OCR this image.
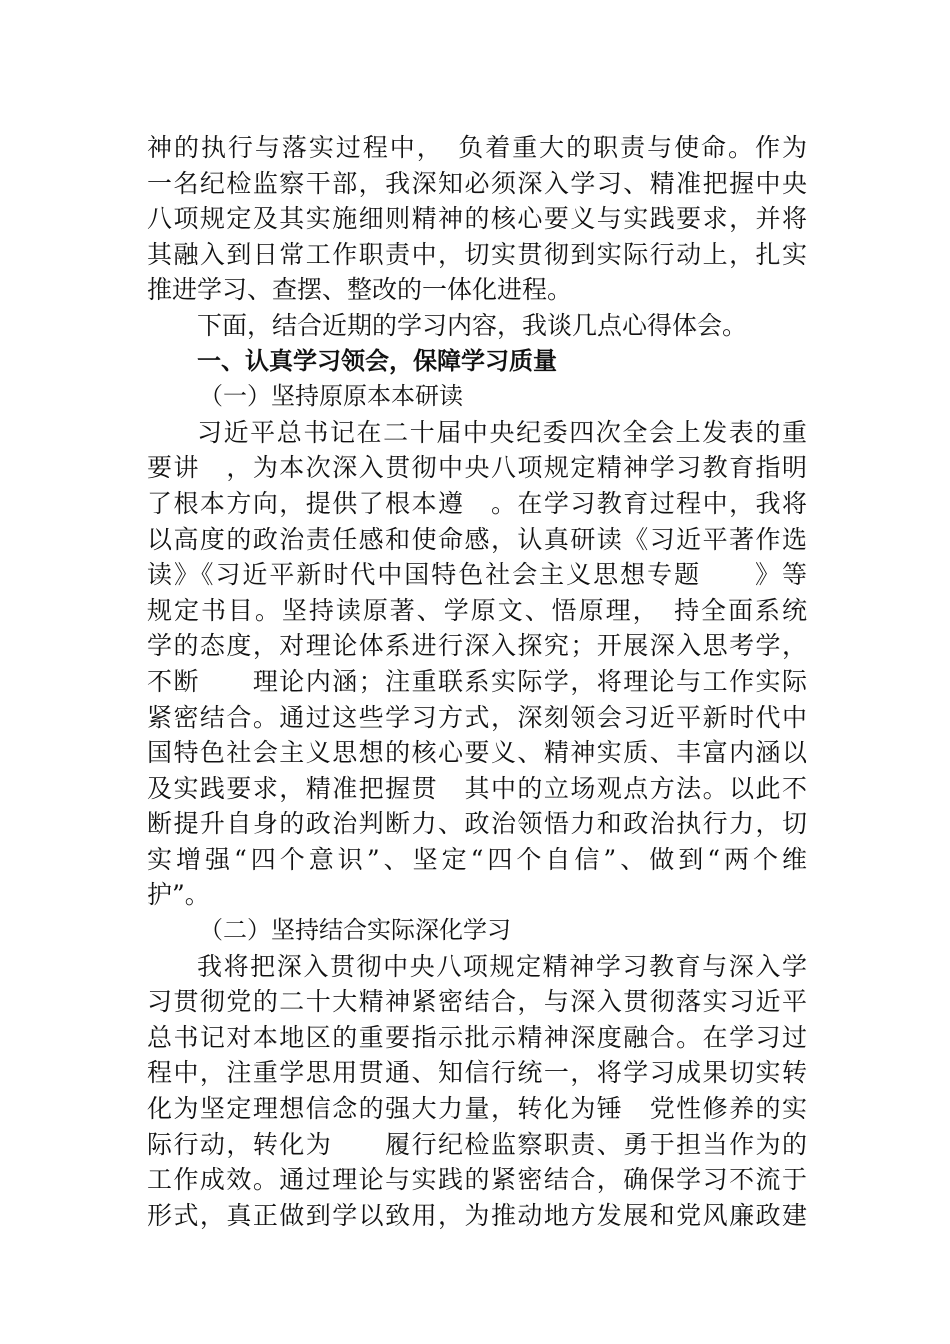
神的执行与落实过程中，　负着重大的职责与使命。作为
一名纪检监察干部，我深知必须深入学习、精准把握中央
八项规定及其实施细则精神的核心要义与实践要求，并将
其融入到日常工作职责中，切实贯彻到实际行动上，扎实
推进学习、查摆、整改的一体化进程。
下面，结合近期的学习内容，我谈几点心得体会。
一、认真学习领会，保障学习质量
（一）坚持原原本本研读
习近平总书记在二十届中央纪委四次全会上发表的重
要讲　，为本次深入贯彻中央八项规定精神学习教育指明
了根本方向，提供了根本遵　。在学习教育过程中，我将
以高度的政治责任感和使命感，认真研读《习近平著作选
读》《习近平新时代中国特色社会主义思想专题　　》等
规定书目。坚持读原著、学原文、悟原理，　持全面系统
学的态度，对理论体系进行深入探究；开展深入思考学，
不断　　理论内涵；注重联系实际学，将理论与工作实际
紧密结合。通过这些学习方式，深刻领会习近平新时代中
国特色社会主义思想的核心要义、精神实质、丰富内涵以
及实践要求，精准把握贯　其中的立场观点方法。以此不
断提升自身的政治判断力、政治领悟力和政治执行力，切
实增强“四个意识”、坚定“四个自信”、做到“两个维
护”。
（二）坚持结合实际深化学习
我将把深入贯彻中央八项规定精神学习教育与深入学
习贯彻党的二十大精神紧密结合，与深入贯彻落实习近平
总书记对本地区的重要指示批示精神深度融合。在学习过
程中，注重学思用贯通、知信行统一，将学习成果切实转
化为坚定理想信念的强大力量，转化为锤　党性修养的实
际行动，转化为　　履行纪检监察职责、勇于担当作为的
工作成效。通过理论与实践的紧密结合，确保学习不流于
形式，真正做到学以致用，为推动地方发展和党风廉政建
